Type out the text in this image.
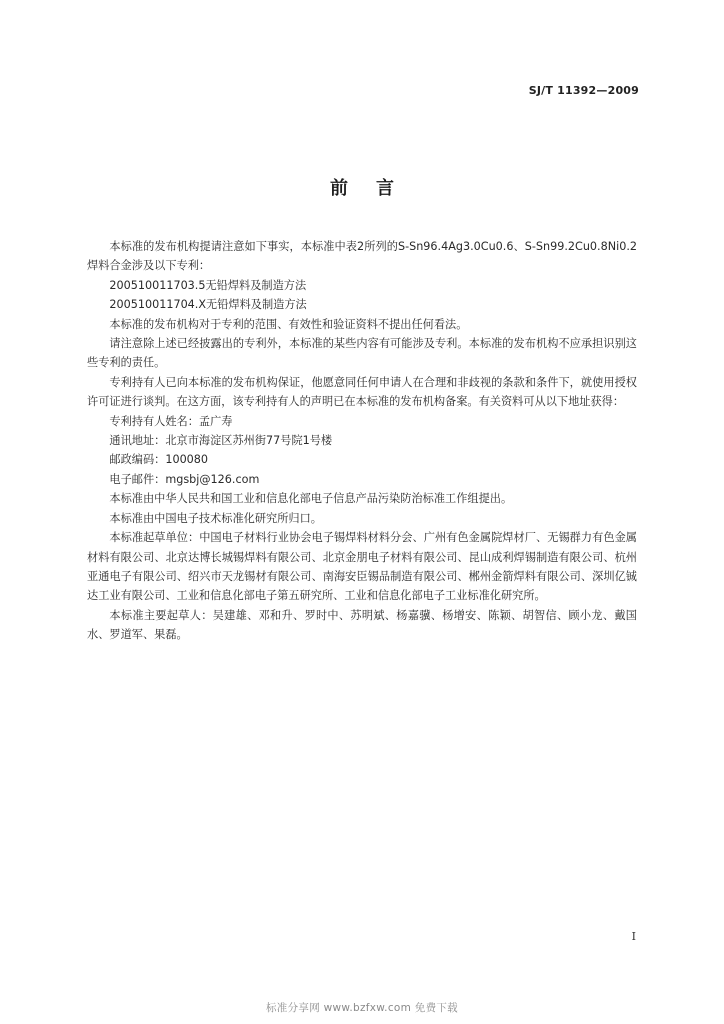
SJ/T 11392—2009
前言

本标准的发布机构提请注意如下事实，本标准中表2所列的S-Sn96.4Ag3.0Cu0.6、S-Sn99.2Cu0.8Ni0.2焊料合金涉及以下专利：

200510011703.5无铅焊料及制造方法

200510011704.X无铅焊料及制造方法

本标准的发布机构对于专利的范围、有效性和验证资料不提出任何看法。

请注意除上述已经披露出的专利外，本标准的某些内容有可能涉及专利。本标准的发布机构不应承担识别这些专利的责任。

专利持有人已向本标准的发布机构保证，他愿意同任何申请人在合理和非歧视的条款和条件下，就使用授权许可证进行谈判。在这方面，该专利持有人的声明已在本标准的发布机构备案。有关资料可从以下地址获得：

专利持有人姓名：孟广寿

通讯地址：北京市海淀区苏州街77号院1号楼

邮政编码：100080

电子邮件：mgsbj@126.com

本标准由中华人民共和国工业和信息化部电子信息产品污染防治标准工作组提出。

本标准由中国电子技术标准化研究所归口。

本标准起草单位：中国电子材料行业协会电子锡焊料材料分会、广州有色金属院焊材厂、无锡群力有色金属材料有限公司、北京达博长城锡焊料有限公司、北京金朋电子材料有限公司、昆山成利焊锡制造有限公司、杭州亚通电子有限公司、绍兴市天龙锡材有限公司、南海安臣锡品制造有限公司、郴州金箭焊料有限公司、深圳亿铖达工业有限公司、工业和信息化部电子第五研究所、工业和信息化部电子工业标准化研究所。

本标准主要起草人：吴建雄、邓和升、罗时中、苏明斌、杨嘉骥、杨增安、陈颖、胡智信、顾小龙、戴国水、罗道军、果磊。

I
标准分享网 www.bzfxw.com 免费下载
